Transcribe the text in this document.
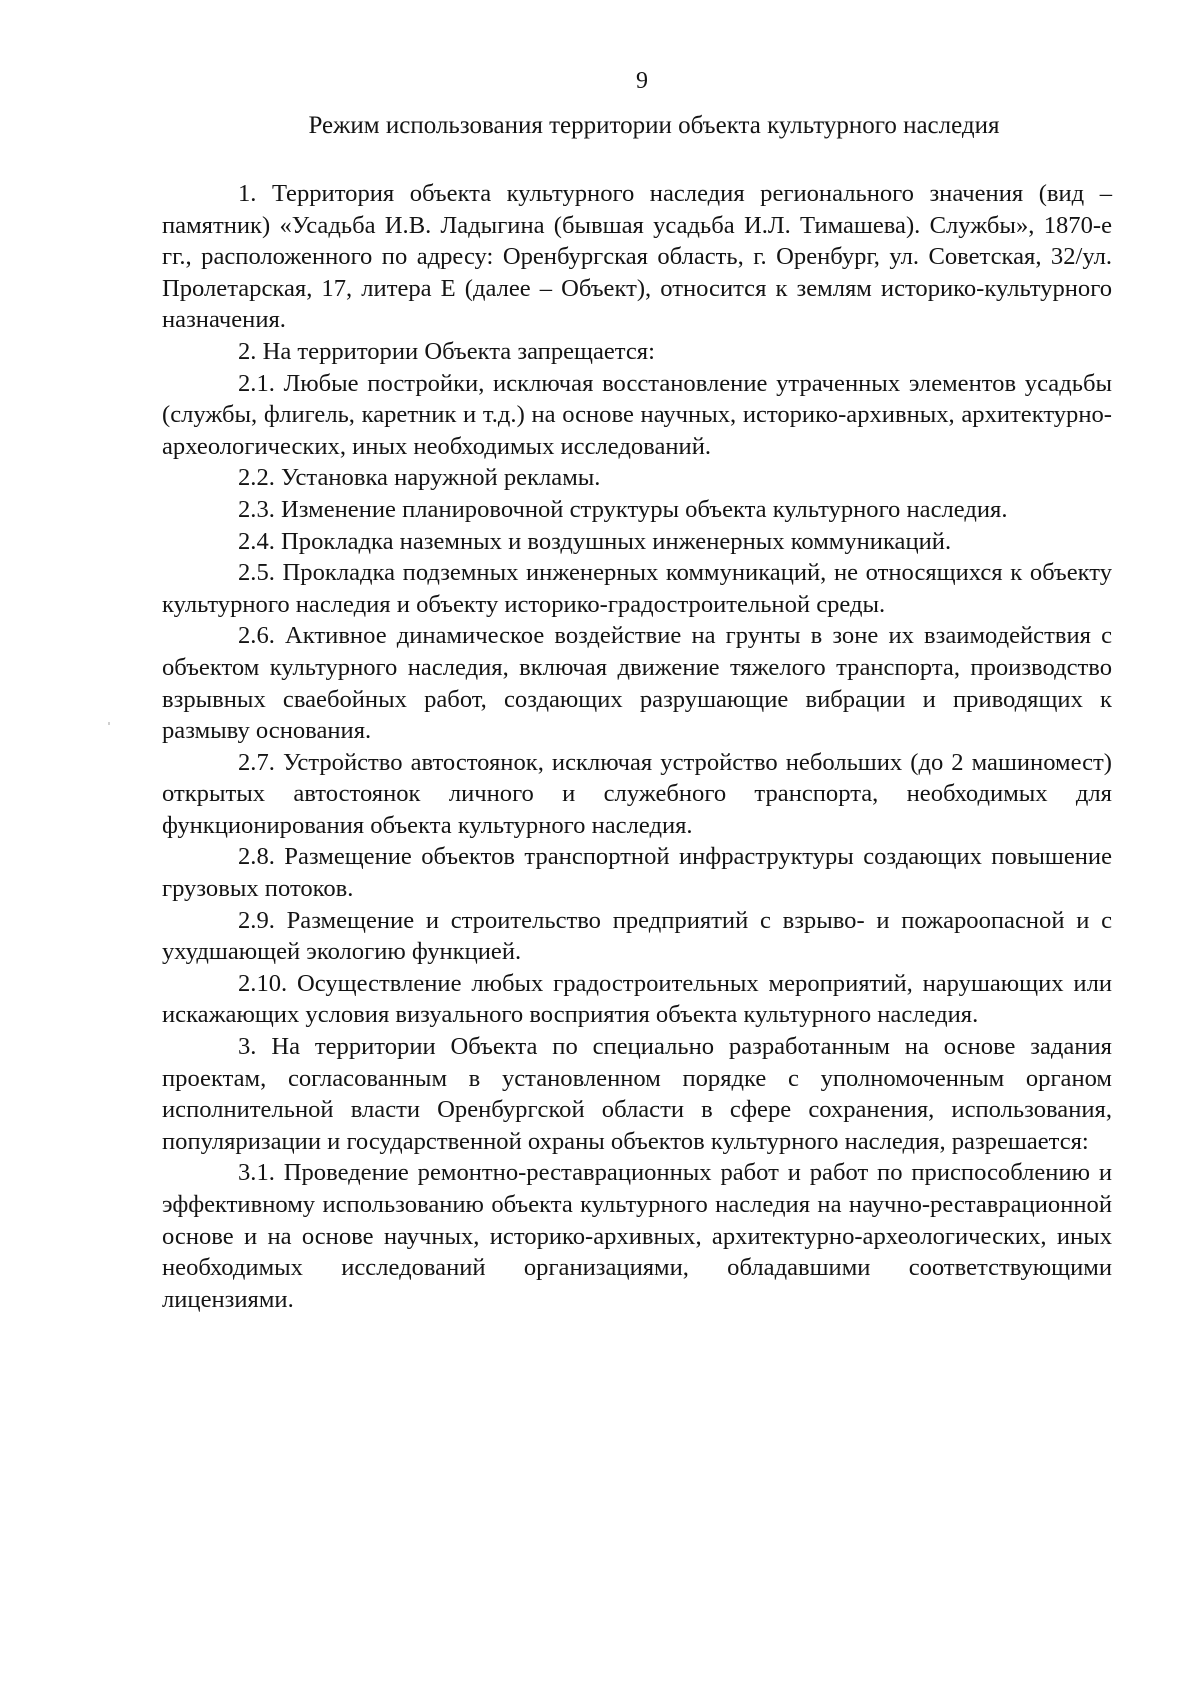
9
Режим использования территории объекта культурного наследия

1. Территория объекта культурного наследия регионального значения (вид – памятник) «Усадьба И.В. Ладыгина (бывшая усадьба И.Л. Тимашева). Службы», 1870-е гг., расположенного по адресу: Оренбургская область, г. Оренбург, ул. Советская, 32/ул. Пролетарская, 17, литера Е (далее – Объект), относится к землям историко-культурного назначения.

2. На территории Объекта запрещается:

2.1. Любые постройки, исключая восстановление утраченных элементов усадьбы (службы, флигель, каретник и т.д.) на основе научных, историко-архивных, архитектурно-археологических, иных необходимых исследований.

2.2. Установка наружной рекламы.

2.3. Изменение планировочной структуры объекта культурного наследия.

2.4. Прокладка наземных и воздушных инженерных коммуникаций.

2.5. Прокладка подземных инженерных коммуникаций, не относящихся к объекту культурного наследия и объекту историко-градостроительной среды.

2.6. Активное динамическое воздействие на грунты в зоне их взаимодействия с объектом культурного наследия, включая движение тяжелого транспорта, производство взрывных сваебойных работ, создающих разрушающие вибрации и приводящих к размыву основания.

2.7. Устройство автостоянок, исключая устройство небольших (до 2 машиномест) открытых автостоянок личного и служебного транспорта, необходимых для функционирования объекта культурного наследия.

2.8. Размещение объектов транспортной инфраструктуры создающих повышение грузовых потоков.

2.9. Размещение и строительство предприятий с взрыво- и пожароопасной и с ухудшающей экологию функцией.

2.10. Осуществление любых градостроительных мероприятий, нарушающих или искажающих условия визуального восприятия объекта культурного наследия.

3. На территории Объекта по специально разработанным на основе задания проектам, согласованным в установленном порядке с уполномоченным органом исполнительной власти Оренбургской области в сфере сохранения, использования, популяризации и государственной охраны объектов культурного наследия, разрешается:

3.1. Проведение ремонтно-реставрационных работ и работ по приспособлению и эффективному использованию объекта культурного наследия на научно-реставрационной основе и на основе научных, историко-архивных, архитектурно-археологических, иных необходимых исследований организациями, обладавшими соответствующими лицензиями.
